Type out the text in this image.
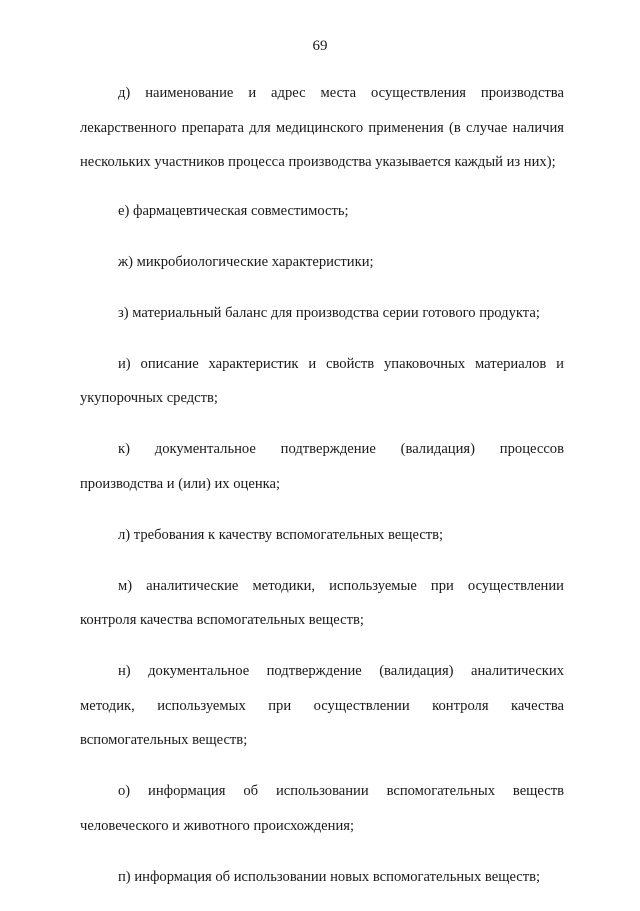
69

д) наименование и адрес места осуществления производства лекарственного препарата для медицинского применения (в случае наличия нескольких участников процесса производства указывается каждый из них);

е) фармацевтическая совместимость;

ж) микробиологические характеристики;

з) материальный баланс для производства серии готового продукта;

и) описание характеристик и свойств упаковочных материалов и укупорочных средств;

к) документальное подтверждение (валидация) процессов производства и (или) их оценка;

л) требования к качеству вспомогательных веществ;

м) аналитические методики, используемые при осуществлении контроля качества вспомогательных веществ;

н) документальное подтверждение (валидация) аналитических методик, используемых при осуществлении контроля качества вспомогательных веществ;

о) информация об использовании вспомогательных веществ человеческого и животного происхождения;

п) информация об использовании новых вспомогательных веществ;
